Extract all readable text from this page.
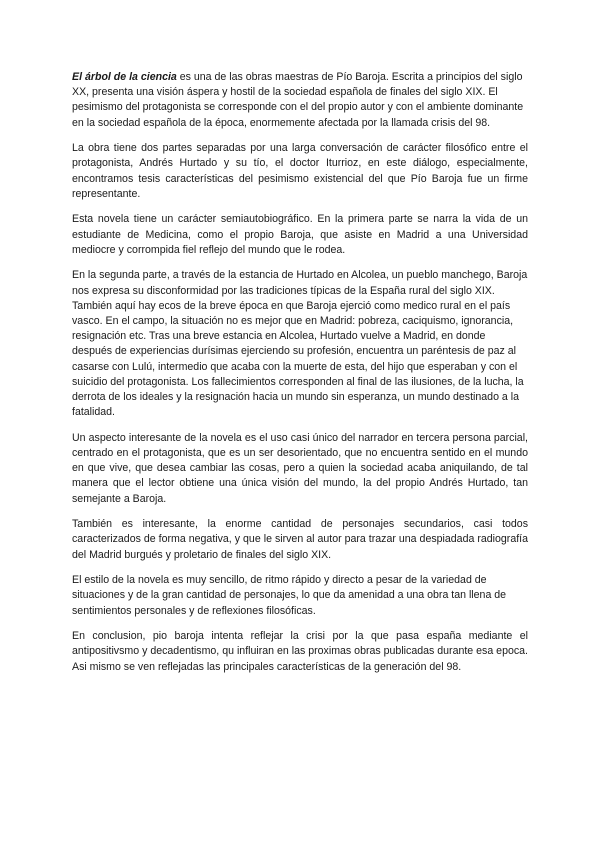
El árbol de la ciencia es una de las obras maestras de Pío Baroja. Escrita a principios del siglo XX, presenta una visión áspera y hostil de la sociedad española de finales del siglo XIX. El pesimismo del protagonista se corresponde con el del propio autor y con el ambiente dominante en la sociedad española de la época, enormemente afectada por la llamada crisis del 98.

La obra tiene dos partes separadas por una larga conversación de carácter filosófico entre el protagonista, Andrés Hurtado y su tío, el doctor Iturrioz, en este diálogo, especialmente, encontramos tesis características del pesimismo existencial del que Pío Baroja fue un firme representante.

Esta novela tiene un carácter semiautobiográfico. En la primera parte se narra la vida de un estudiante de Medicina, como el propio Baroja, que asiste en Madrid a una Universidad mediocre y corrompida fiel reflejo del mundo que le rodea.

En la segunda parte, a través de la estancia de Hurtado en Alcolea, un pueblo manchego, Baroja nos expresa su disconformidad por las tradiciones típicas de la España rural del siglo XIX. También aquí hay ecos de la breve época en que Baroja ejerció como medico rural en el país vasco. En el campo, la situación no es mejor que en Madrid: pobreza, caciquismo, ignorancia, resignación etc. Tras una breve estancia en Alcolea, Hurtado vuelve a Madrid, en donde después de experiencias durísimas ejerciendo su profesión, encuentra un paréntesis de paz al casarse con Lulú, intermedio que acaba con la muerte de esta, del hijo que esperaban y con el suicidio del protagonista. Los fallecimientos corresponden al final de las ilusiones, de la lucha, la derrota de los ideales y la resignación hacia un mundo sin esperanza, un mundo destinado a la fatalidad.

Un aspecto interesante de la novela es el uso casi único del narrador en tercera persona parcial, centrado en el protagonista, que es un ser desorientado, que no encuentra sentido en el mundo en que vive, que desea cambiar las cosas, pero a quien la sociedad acaba aniquilando, de tal manera que el lector obtiene una única visión del mundo, la del propio Andrés Hurtado, tan semejante a Baroja.

También es interesante, la enorme cantidad de personajes secundarios, casi todos caracterizados de forma negativa, y que le sirven al autor para trazar una despiadada radiografía del Madrid burgués y proletario de finales del siglo XIX.

El estilo de la novela es muy sencillo, de ritmo rápido y directo a pesar de la variedad de situaciones y de la gran cantidad de personajes, lo que da amenidad a una obra tan llena de sentimientos personales y de reflexiones filosóficas.

En conclusion, pio baroja intenta reflejar la crisi por la que pasa españa mediante el antipositivsmo y decadentismo, qu influiran en las proximas obras publicadas durante esa epoca. Asi mismo se ven reflejadas las principales características de la generación del 98.
